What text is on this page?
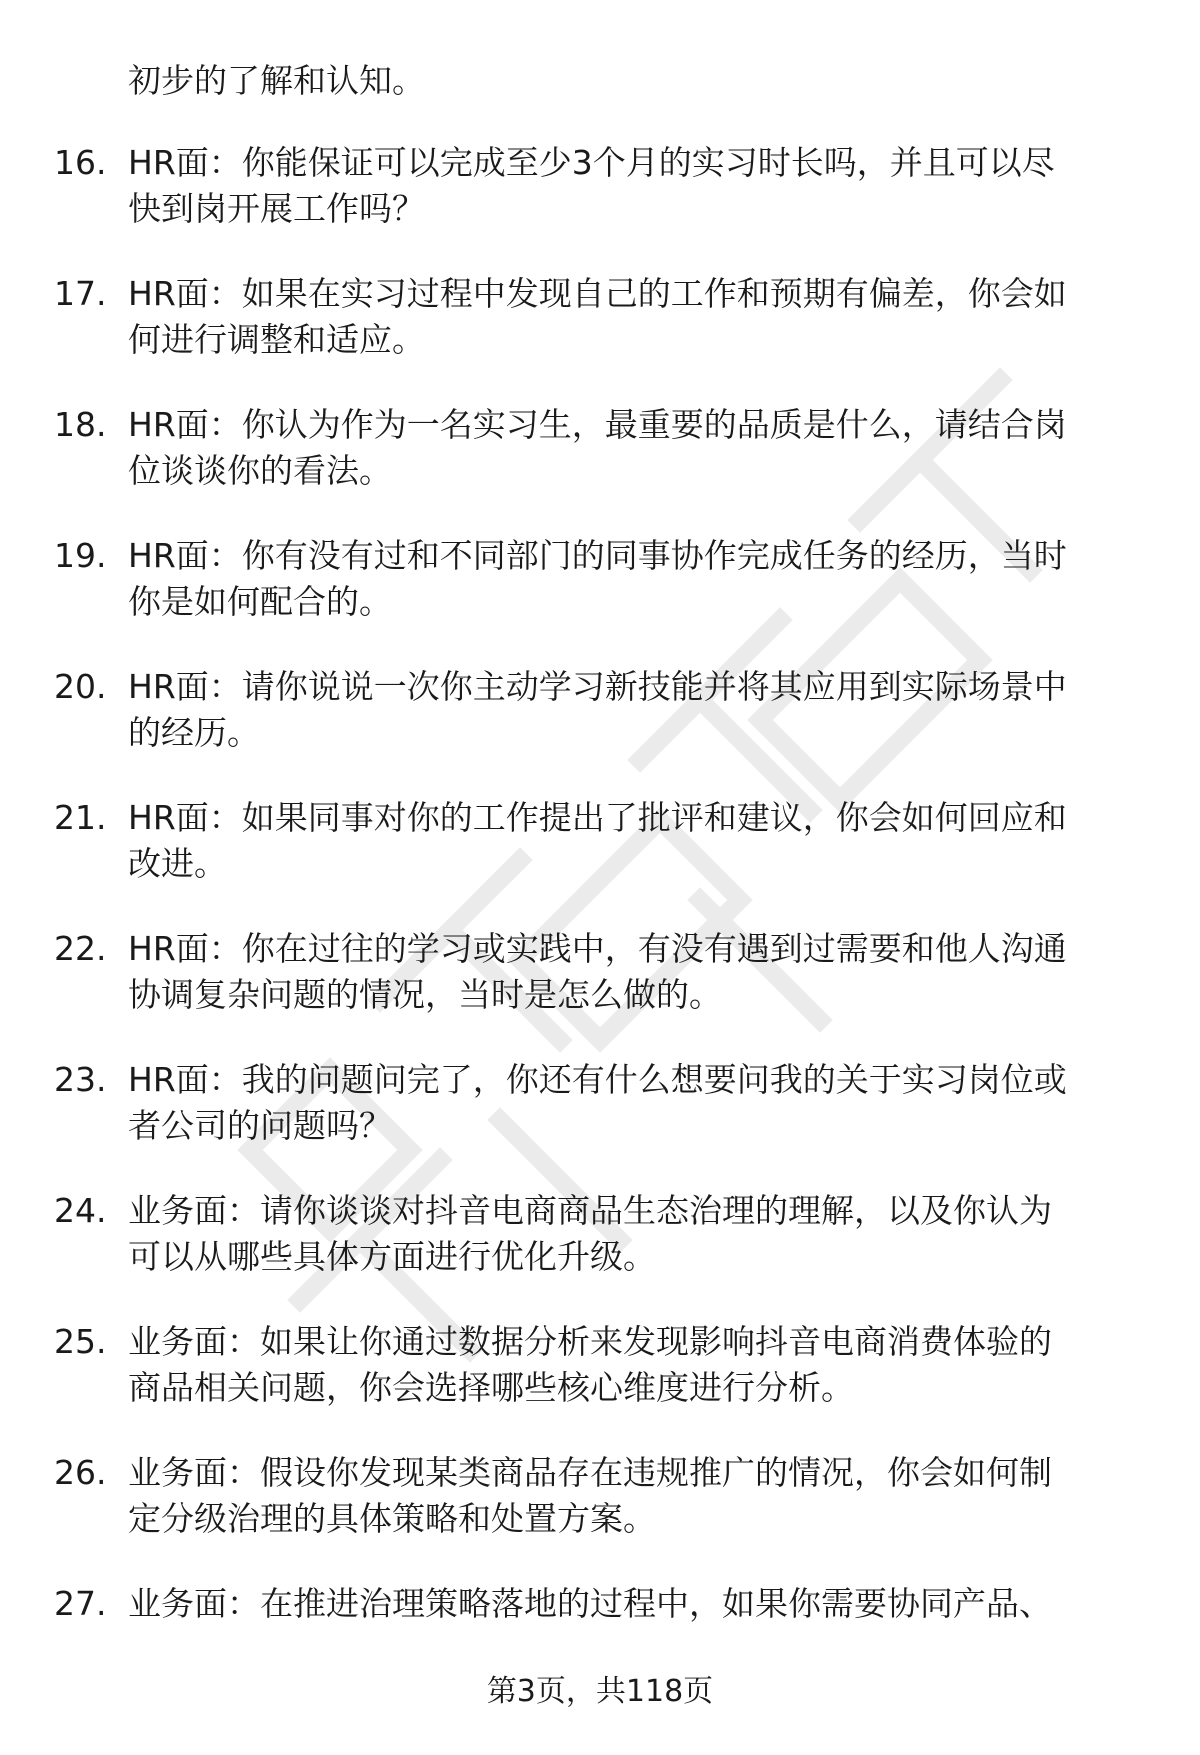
初步的了解和认知。
16. HR面：你能保证可以完成至少3个月的实习时长吗，并且可以尽
快到岗开展工作吗？
17. HR面：如果在实习过程中发现自己的工作和预期有偏差，你会如
何进行调整和适应。
18. HR面：你认为作为一名实习生，最重要的品质是什么，请结合岗
位谈谈你的看法。
19. HR面：你有没有过和不同部门的同事协作完成任务的经历，当时
你是如何配合的。
20. HR面：请你说说一次你主动学习新技能并将其应用到实际场景中
的经历。
21. HR面：如果同事对你的工作提出了批评和建议，你会如何回应和
改进。
22. HR面：你在过往的学习或实践中，有没有遇到过需要和他人沟通
协调复杂问题的情况，当时是怎么做的。
23. HR面：我的问题问完了，你还有什么想要问我的关于实习岗位或
者公司的问题吗？
24. 业务面：请你谈谈对抖音电商商品生态治理的理解，以及你认为
可以从哪些具体方面进行优化升级。
25. 业务面：如果让你通过数据分析来发现影响抖音电商消费体验的
商品相关问题，你会选择哪些核心维度进行分析。
26. 业务面：假设你发现某类商品存在违规推广的情况，你会如何制
定分级治理的具体策略和处置方案。
27. 业务面：在推进治理策略落地的过程中，如果你需要协同产品、
第3页，共118页
